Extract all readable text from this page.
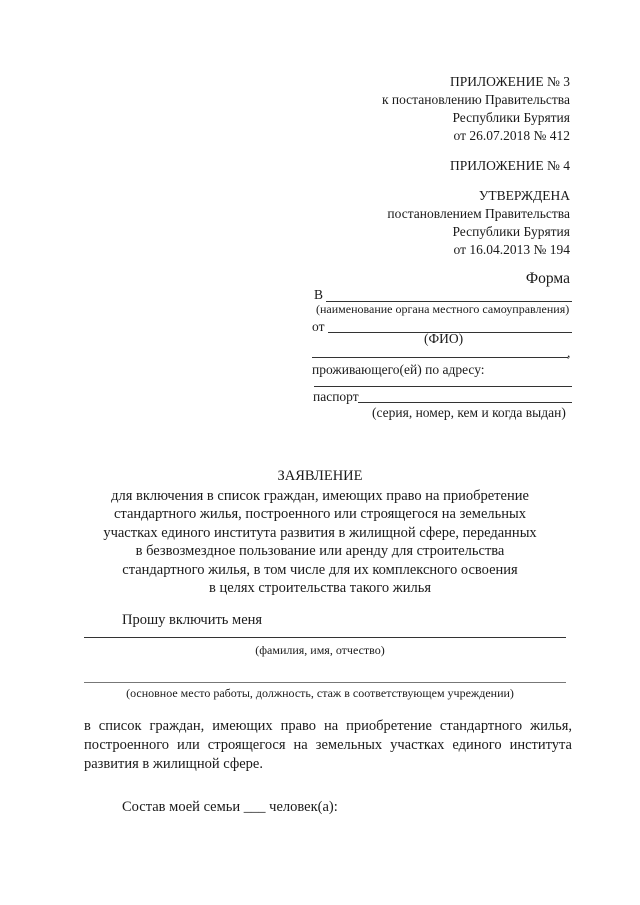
ПРИЛОЖЕНИЕ № 3
к постановлению Правительства
Республики Бурятия
от 26.07.2018 № 412
ПРИЛОЖЕНИЕ № 4
УТВЕРЖДЕНА
постановлением Правительства
Республики Бурятия
от 16.04.2013 № 194
Форма
В
(наименование органа местного самоуправления)
от
(ФИО)
,
проживающего(ей) по адресу:
паспорт
(серия, номер, кем и когда выдан)
ЗАЯВЛЕНИЕ
для включения в список граждан, имеющих право на приобретение
стандартного жилья, построенного или строящегося на земельных
участках единого института развития в жилищной сфере, переданных
в безвозмездное пользование или аренду для строительства
стандартного жилья, в том числе для их комплексного освоения
в целях строительства такого жилья
Прошу включить меня
(фамилия, имя, отчество)
(основное место работы, должность, стаж в соответствующем учреждении)
в список граждан, имеющих право на приобретение стандартного жилья, построенного или строящегося на земельных участках единого института развития в жилищной сфере.
Состав моей семьи ___ человек(а):
